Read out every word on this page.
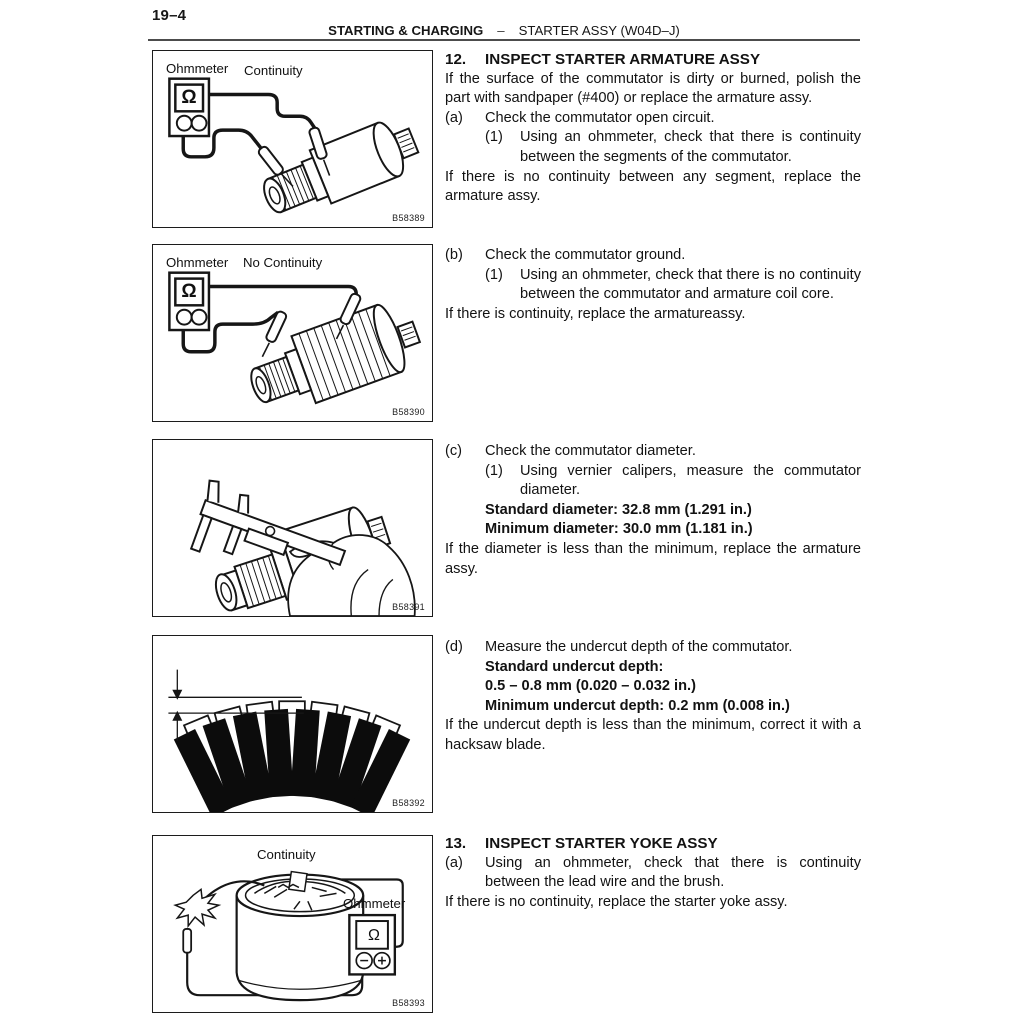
19–4
STARTING & CHARGING – STARTER ASSY (W04D–J)
Ohmmeter Continuity
Ω
B58389
Ohmmeter No Continuity
Ω
B58390
B58391
B58392
Continuity
Ohmmeter
Ω
B58393
12.	INSPECT STARTER ARMATURE ASSY

If the surface of the commutator is dirty or burned, polish the part with sandpaper (#400) or replace the armature assy.

(a)	Check the commutator open circuit.
(1)	Using an ohmmeter, check that there is continuity between the segments of the commutator.

If there is no continuity between any segment, replace the armature assy.

(b)	Check the commutator ground.
(1)	Using an ohmmeter, check that there is no continuity between the commutator and armature coil core.

If there is continuity, replace the armatureassy.

(c)	Check the commutator diameter.
(1)	Using vernier calipers, measure the commutator diameter.
Standard diameter: 32.8 mm (1.291 in.)
Minimum diameter: 30.0 mm (1.181 in.)

If the diameter is less than the minimum, replace the armature assy.

(d)	Measure the undercut depth of the commutator.
Standard undercut depth:
0.5 – 0.8 mm (0.020 – 0.032 in.)
Minimum undercut depth: 0.2 mm (0.008 in.)

If the undercut depth is less than the minimum, correct it with a hacksaw blade.

13.	INSPECT STARTER YOKE ASSY
(a)	Using an ohmmeter, check that there is continuity between the lead wire and the brush.

If there is no continuity, replace the starter yoke assy.
